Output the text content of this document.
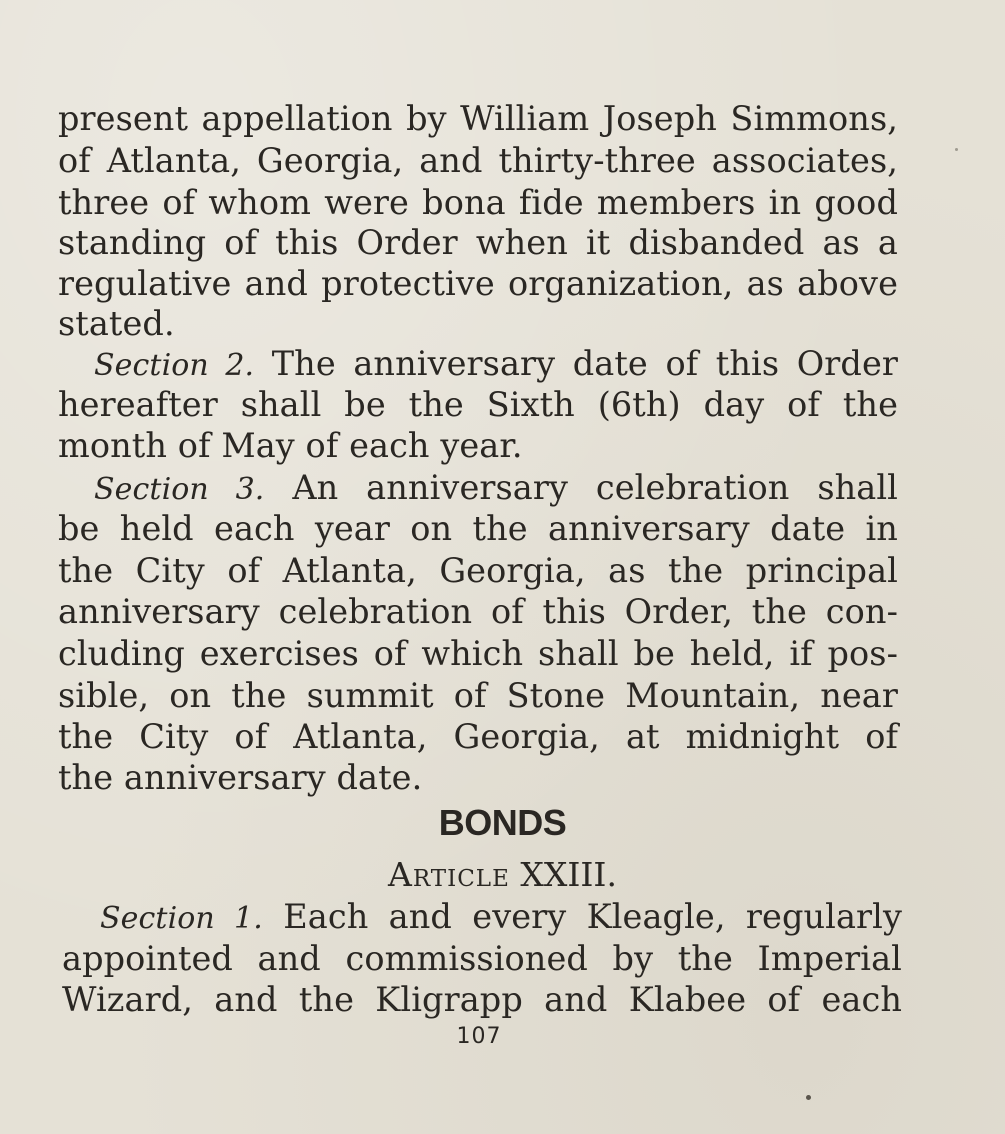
present appellation by William Joseph Simmons,
of Atlanta, Georgia, and thirty-three associates,
three of whom were bona fide members in good
standing of this Order when it disbanded as a
regulative and protective organization, as above
stated.
Section 2. The anniversary date of this Order
hereafter shall be the Sixth (6th) day of the
month of May of each year.
Section 3. An anniversary celebration shall
be held each year on the anniversary date in
the City of Atlanta, Georgia, as the principal
anniversary celebration of this Order, the con-
cluding exercises of which shall be held, if pos-
sible, on the summit of Stone Mountain, near
the City of Atlanta, Georgia, at midnight of
the anniversary date.
BONDS
Article XXIII.
Section 1. Each and every Kleagle, regularly
appointed and commissioned by the Imperial
Wizard, and the Kligrapp and Klabee of each
107
